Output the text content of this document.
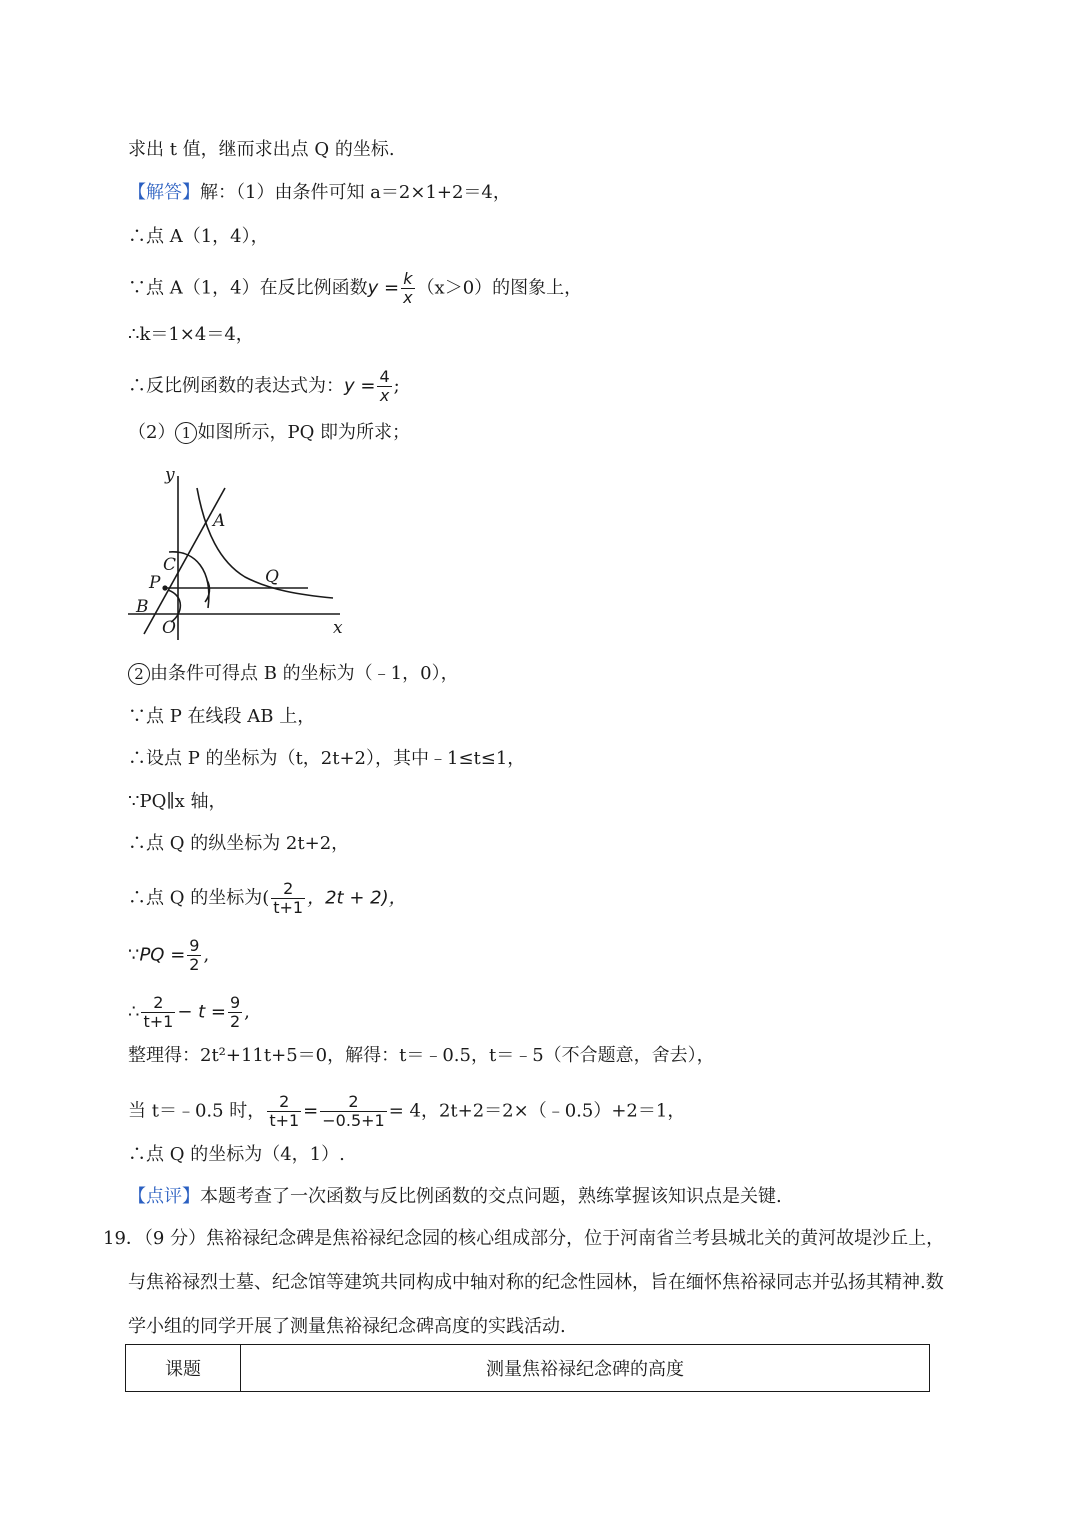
求出 t 值，继而求出点 Q 的坐标.
【解答】解：（1）由条件可知 a＝2×1+2＝4，
∴点 A（1，4），
∵点 A（1，4）在反比例函数$y = \frac{k}{x} (x>0)$的图象上，
∴k＝1×4＝4，
∴反比例函数的表达式为：$y = \frac{4}{x}$ ;
（2） 1 如图所示，PQ 即为所求；
y
x
A
C
P	Q
B
O
2 由条件可得点 B 的坐标为（﹣1，0），
∵点 P 在线段 AB 上，
∴设点 P 的坐标为（t，2t+2），其中﹣1≤t≤1，
∵PQ∥x 轴，
∴点 Q 的纵坐标为 2t+2，
∴点 Q 的坐标为( $\frac{2}{t+1}$ ，2t + 2)，
∵PQ = $\frac{9}{2}$ ,
∴ $\frac{2}{t+1} - t = \frac{9}{2}$ ,
整理得：2t²+11t+5＝0，解得：t＝﹣0.5，t＝﹣5（不合题意，舍去），
当 t＝﹣0.5 时， $\frac{2}{t+1} = \frac{2}{-0.5+1} = 4$，2t+2＝2×（﹣0.5）+2＝1，
∴点 Q 的坐标为（4，1）.
【点评】本题考查了一次函数与反比例函数的交点问题，熟练掌握该知识点是关键.
19．（9 分）焦裕禄纪念碑是焦裕禄纪念园的核心组成部分，位于河南省兰考县城北关的黄河故堤沙丘上，
与焦裕禄烈士墓、纪念馆等建筑共同构成中轴对称的纪念性园林，旨在缅怀焦裕禄同志并弘扬其精神.数
学小组的同学开展了测量焦裕禄纪念碑高度的实践活动.
课题	测量焦裕禄纪念碑的高度
